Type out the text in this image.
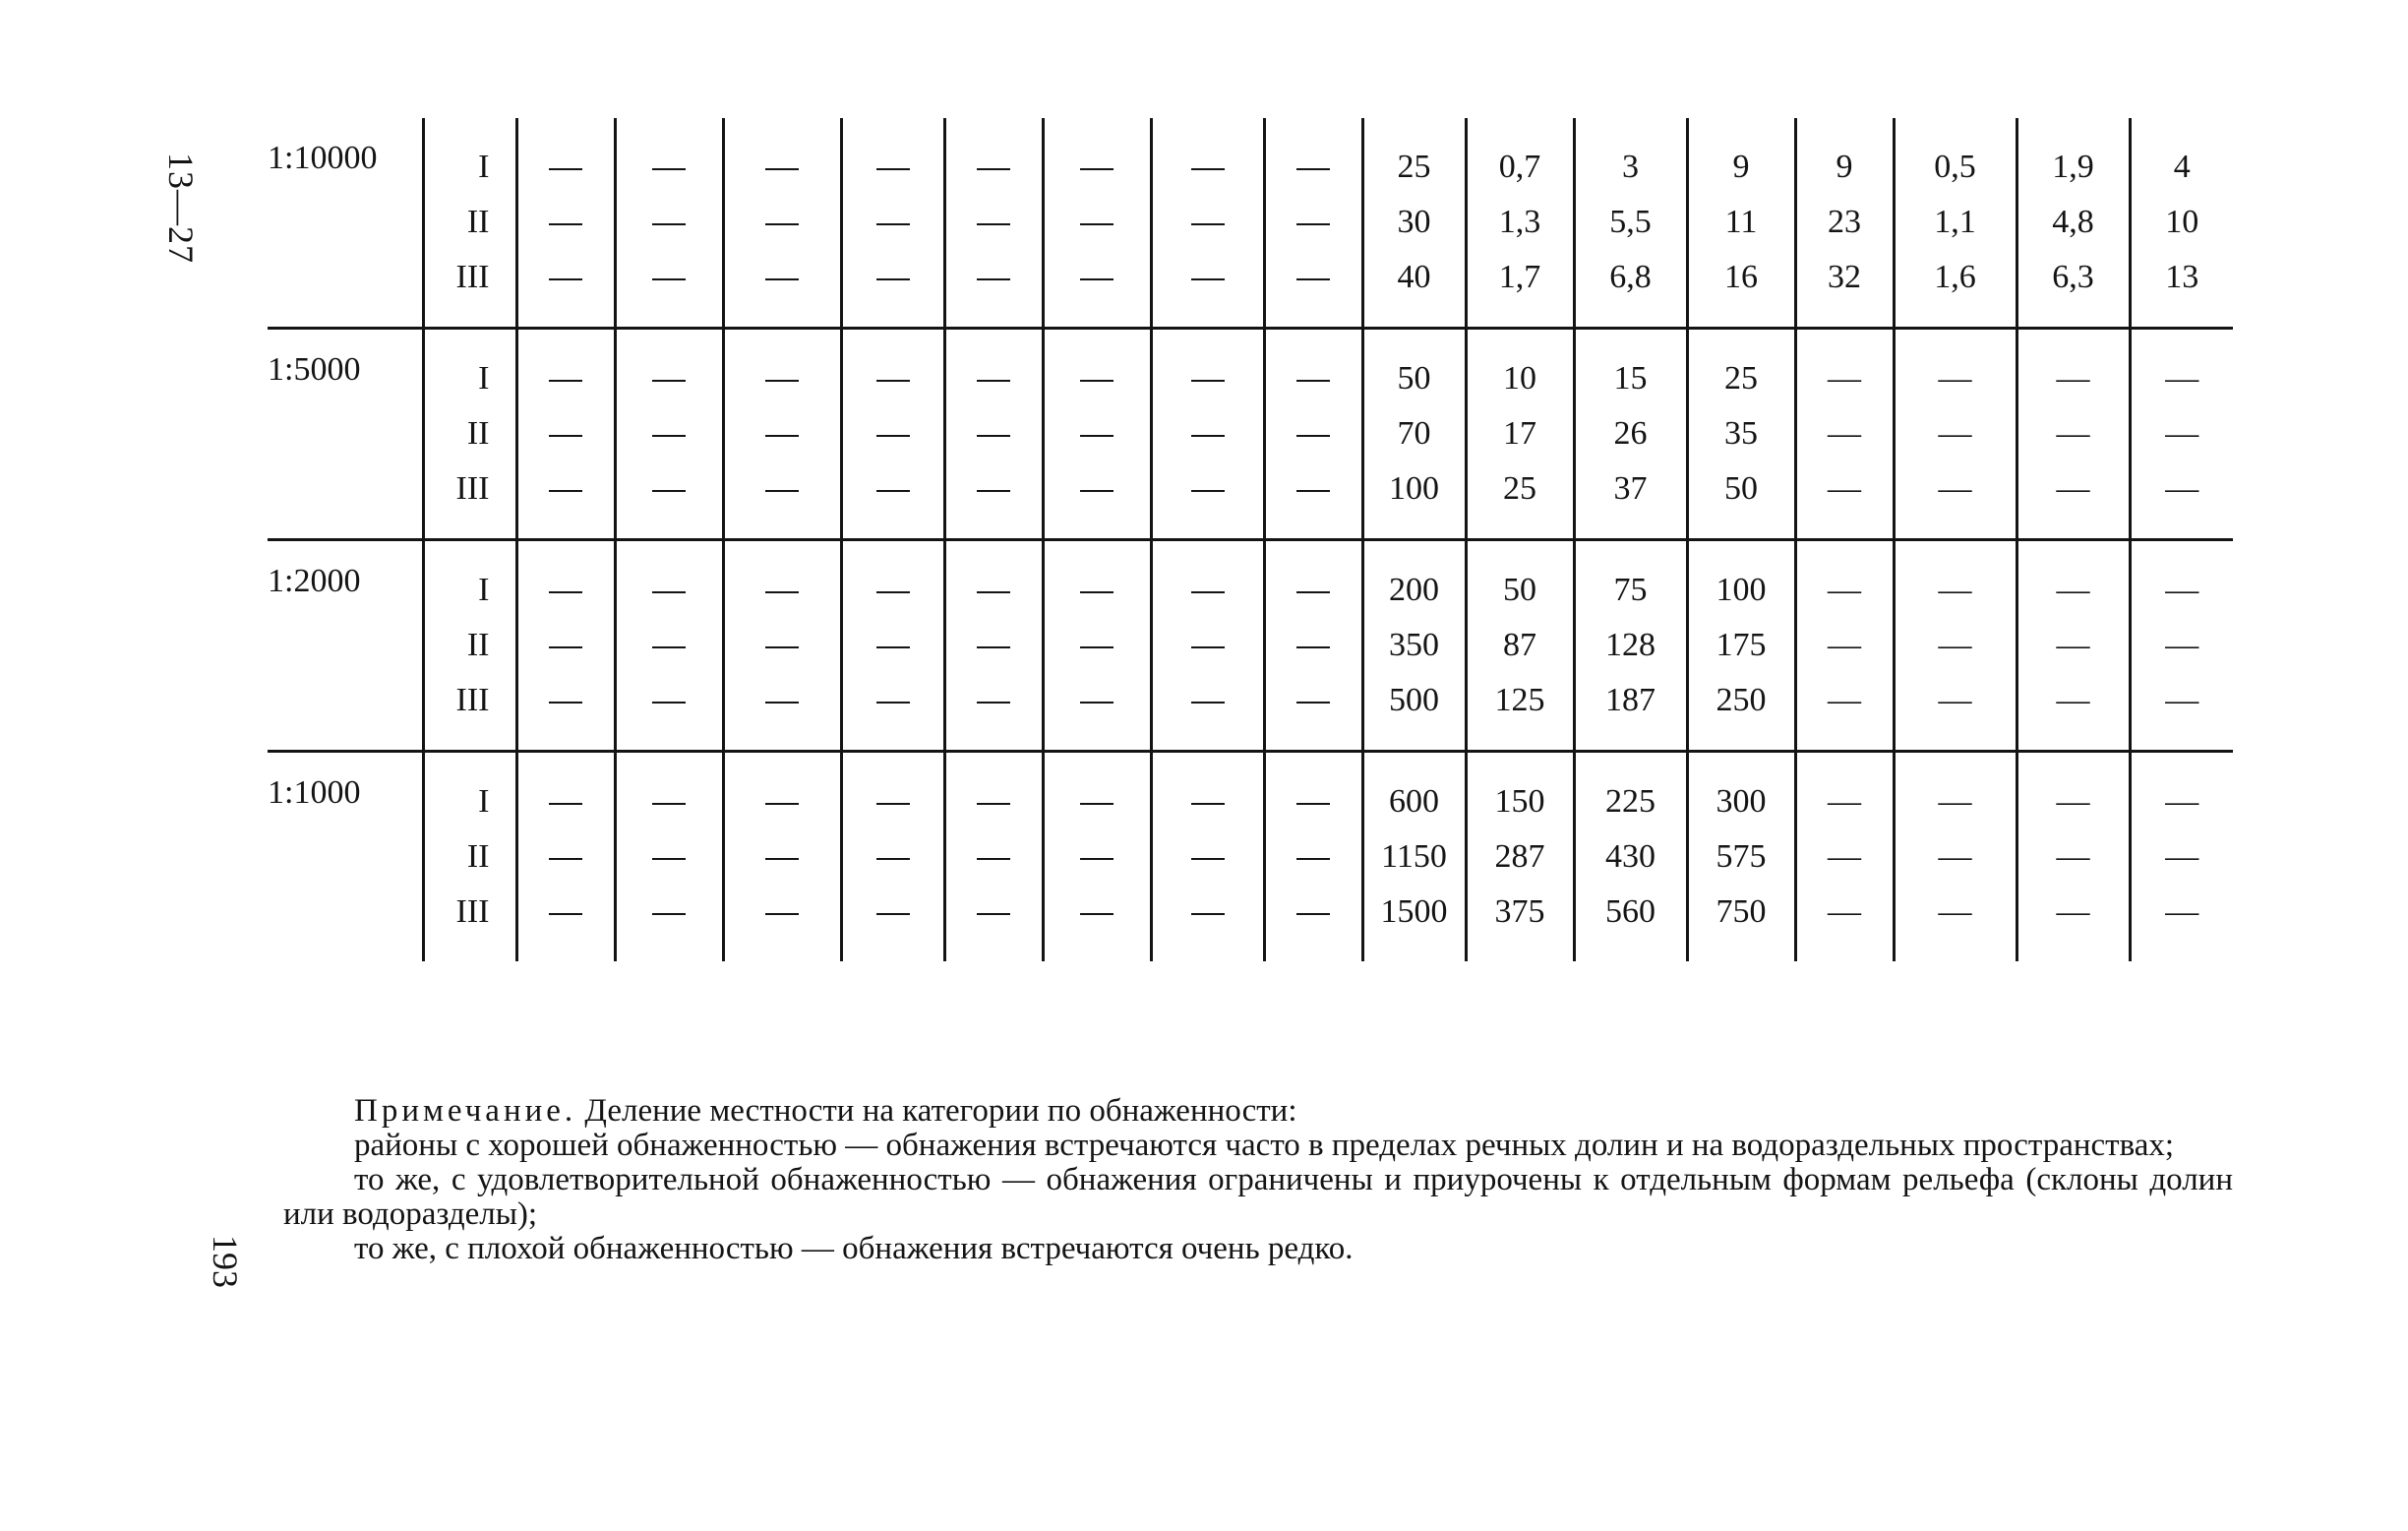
13—27
193
1:10000	I									25	0,7	3	9	9	0,5	1,9	4
	II									30	1,3	5,5	11	23	1,1	4,8	10
	III									40	1,7	6,8	16	32	1,6	6,3	13

1:5000	I									50	10	15	25	—	—	—	—
	II									70	17	26	35	—	—	—	—
	III									100	25	37	50	—	—	—	—

1:2000	I									200	50	75	100	—	—	—	—
	II									350	87	128	175	—	—	—	—
	III									500	125	187	250	—	—	—	—

1:1000	I									600	150	225	300	—	—	—	—
	II									1150	287	430	575	—	—	—	—
	III									1500	375	560	750	—	—	—	—

Примечание. Деление местности на категории по обнаженности:

районы с хорошей обнаженностью — обнажения встречаются часто в пределах речных долин и на водораздельных пространствах;

то же, с удовлетворительной обнаженностью — обнажения ограничены и приурочены к отдельным формам рельефа (склоны долин или водоразделы);

то же, с плохой обнаженностью — обнажения встречаются очень редко.
